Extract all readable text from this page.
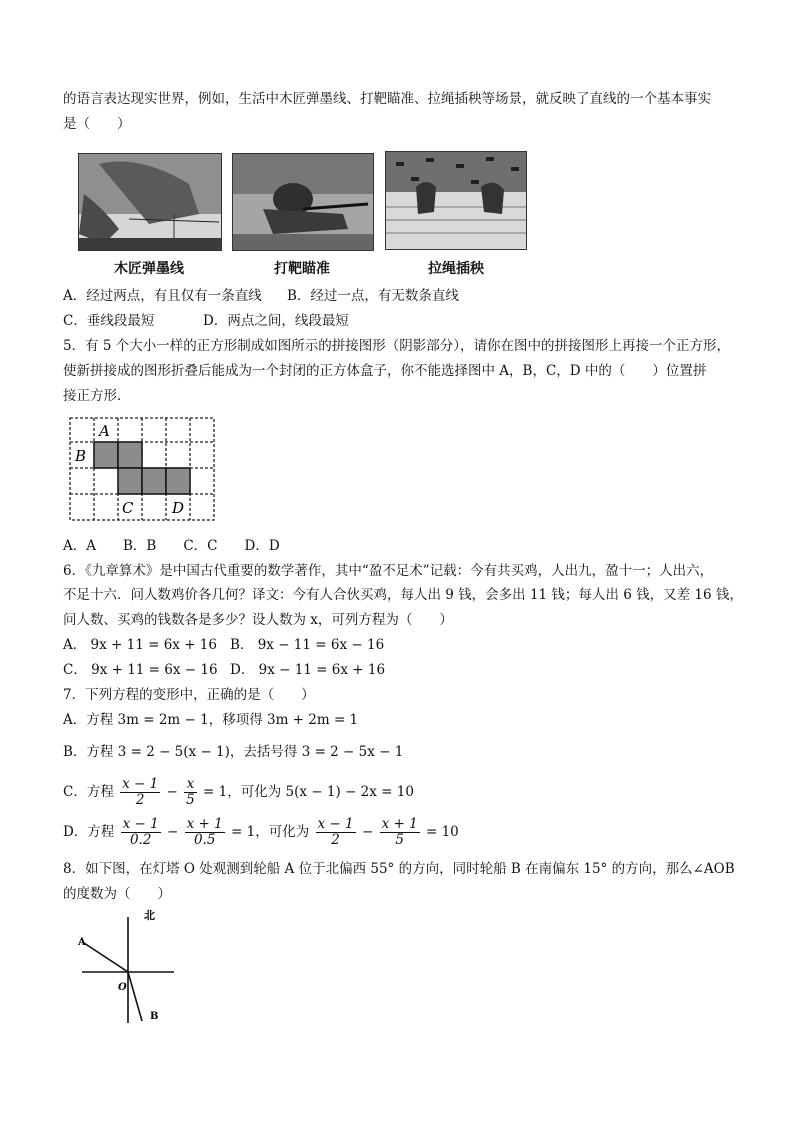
的语言表达现实世界，例如，生活中木匠弹墨线、打靶瞄准、拉绳插秧等场景，就反映了直线的一个基本事实
是（　　）
木匠弹墨线	打靶瞄准	拉绳插秧
A．经过两点，有且仅有一条直线 B．经过一点，有无数条直线
C．垂线段最短	D．两点之间，线段最短
5．有 5 个大小一样的正方形制成如图所示的拼接图形（阴影部分），请你在图中的拼接图形上再接一个正方形，
使新拼接成的图形折叠后能成为一个封闭的正方体盒子，你不能选择图中 A，B，C，D 中的（　　）位置拼
接正方形．
A
B
C	D
A．A　　B．B　　C．C　　D．D
6．《九章算术》是中国古代重要的数学著作，其中“盈不足术”记载：今有共买鸡，人出九，盈十一；人出六，
不足十六．问人数鸡价各几何？译文：今有人合伙买鸡，每人出 9 钱，会多出 11 钱；每人出 6 钱，又差 16 钱，
问人数、买鸡的钱数各是多少？设人数为 x，可列方程为（　　）
A． 9x + 11 = 6x + 16 B． 9x − 11 = 6x − 16
C． 9x + 11 = 6x − 16 D． 9x − 11 = 6x + 16
7．下列方程的变形中，正确的是（　　）
A．方程 3m = 2m − 1，移项得 3m + 2m = 1
B．方程 3 = 2 − 5(x − 1)，去括号得 3 = 2 − 5x − 1
C．方程 $\frac{x - 1}{2} - \frac{x}{5} = 1$，可化为 5(x − 1) − 2x = 10
D．方程 $\frac{x - 1}{0.2} - \frac{x + 1}{0.5} = 1$，可化为 $\frac{x - 1}{2} - \frac{x + 1}{5} = 10$
8．如下图，在灯塔 O 处观测到轮船 A 位于北偏西 55° 的方向，同时轮船 B 在南偏东 15° 的方向，那么∠AOB
的度数为（　　）
北
A
O
B
